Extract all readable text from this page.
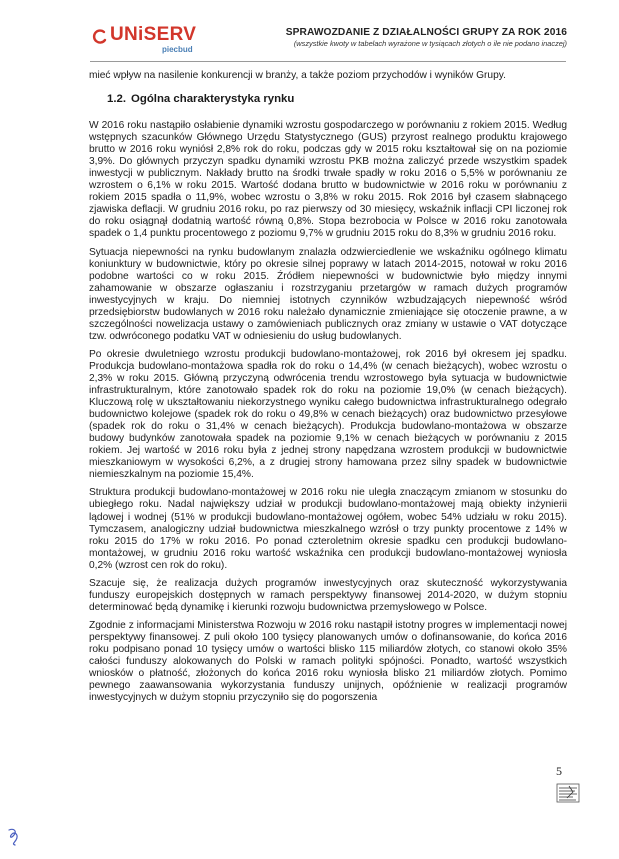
UNiSERV
piecbud
SPRAWOZDANIE Z DZIAŁALNOŚCI GRUPY ZA ROK 2016
(wszystkie kwoty w tabelach wyrażone w tysiącach złotych o ile nie podano inaczej)

mieć wpływ na nasilenie konkurencji w branży, a także poziom przychodów i wyników Grupy.

1.2. Ogólna charakterystyka rynku

W 2016 roku nastąpiło osłabienie dynamiki wzrostu gospodarczego w porównaniu z rokiem 2015. Według wstępnych szacunków Głównego Urzędu Statystycznego (GUS) przyrost realnego produktu krajowego brutto w 2016 roku wyniósł 2,8% rok do roku, podczas gdy w 2015 roku kształtował się on na poziomie 3,9%. Do głównych przyczyn spadku dynamiki wzrostu PKB można zaliczyć przede wszystkim spadek inwestycji w publicznym. Nakłady brutto na środki trwałe spadły w roku 2016 o 5,5% w porównaniu ze wzrostem o 6,1% w roku 2015. Wartość dodana brutto w budownictwie w 2016 roku w porównaniu z rokiem 2015 spadła o 11,9%, wobec wzrostu o 3,8% w roku 2015. Rok 2016 był czasem słabnącego zjawiska deflacji. W grudniu 2016 roku, po raz pierwszy od 30 miesięcy, wskaźnik inflacji CPI liczonej rok do roku osiągnął dodatnią wartość równą 0,8%. Stopa bezrobocia w Polsce w 2016 roku zanotowała spadek o 1,4 punktu procentowego z poziomu 9,7% w grudniu 2015 roku do 8,3% w grudniu 2016 roku.

Sytuacja niepewności na rynku budowlanym znalazła odzwierciedlenie we wskaźniku ogólnego klimatu koniunktury w budownictwie, który po okresie silnej poprawy w latach 2014-2015, notował w roku 2016 podobne wartości co w roku 2015. Źródłem niepewności w budownictwie było między innymi zahamowanie w obszarze ogłaszaniu i rozstrzyganiu przetargów w ramach dużych programów inwestycyjnych w kraju. Do niemniej istotnych czynników wzbudzających niepewność wśród przedsiębiorstw budowlanych w 2016 roku należało dynamicznie zmieniające się otoczenie prawne, a w szczególności nowelizacja ustawy o zamówieniach publicznych oraz zmiany w ustawie o VAT dotyczące tzw. odwróconego podatku VAT w odniesieniu do usług budowlanych.

Po okresie dwuletniego wzrostu produkcji budowlano-montażowej, rok 2016 był okresem jej spadku. Produkcja budowlano-montażowa spadła rok do roku o 14,4% (w cenach bieżących), wobec wzrostu o 2,3% w roku 2015. Główną przyczyną odwrócenia trendu wzrostowego była sytuacja w budownictwie infrastrukturalnym, które zanotowało spadek rok do roku na poziomie 19,0% (w cenach bieżących). Kluczową rolę w ukształtowaniu niekorzystnego wyniku całego budownictwa infrastrukturalnego odegrało budownictwo kolejowe (spadek rok do roku o 49,8% w cenach bieżących) oraz budownictwo przesyłowe (spadek rok do roku o 31,4% w cenach bieżących). Produkcja budowlano-montażowa w obszarze budowy budynków zanotowała spadek na poziomie 9,1% w cenach bieżących w porównaniu z 2015 rokiem. Jej wartość w 2016 roku była z jednej strony napędzana wzrostem produkcji w budownictwie mieszkaniowym w wysokości 6,2%, a z drugiej strony hamowana przez silny spadek w budownictwie niemieszkalnym na poziomie 15,4%.

Struktura produkcji budowlano-montażowej w 2016 roku nie uległa znaczącym zmianom w stosunku do ubiegłego roku. Nadal największy udział w produkcji budowlano-montażowej mają obiekty inżynierii lądowej i wodnej (51% w produkcji budowlano-montażowej ogółem, wobec 54% udziału w roku 2015). Tymczasem, analogiczny udział budownictwa mieszkalnego wzrósł o trzy punkty procentowe z 14% w roku 2015 do 17% w roku 2016. Po ponad czteroletnim okresie spadku cen produkcji budowlano-montażowej, w grudniu 2016 roku wartość wskaźnika cen produkcji budowlano-montażowej wyniosła 0,2% (wzrost cen rok do roku).

Szacuje się, że realizacja dużych programów inwestycyjnych oraz skuteczność wykorzystywania funduszy europejskich dostępnych w ramach perspektywy finansowej 2014-2020, w dużym stopniu determinować będą dynamikę i kierunki rozwoju budownictwa przemysłowego w Polsce.

Zgodnie z informacjami Ministerstwa Rozwoju w 2016 roku nastąpił istotny progres w implementacji nowej perspektywy finansowej. Z puli około 100 tysięcy planowanych umów o dofinansowanie, do końca 2016 roku podpisano ponad 10 tysięcy umów o wartości blisko 115 miliardów złotych, co stanowi około 35% całości funduszy alokowanych do Polski w ramach polityki spójności. Ponadto, wartość wszystkich wniosków o płatność, złożonych do końca 2016 roku wyniosła blisko 21 miliardów złotych. Pomimo pewnego zaawansowania wykorzystania funduszy unijnych, opóźnienie w realizacji programów inwestycyjnych w dużym stopniu przyczyniło się do pogorszenia

5
